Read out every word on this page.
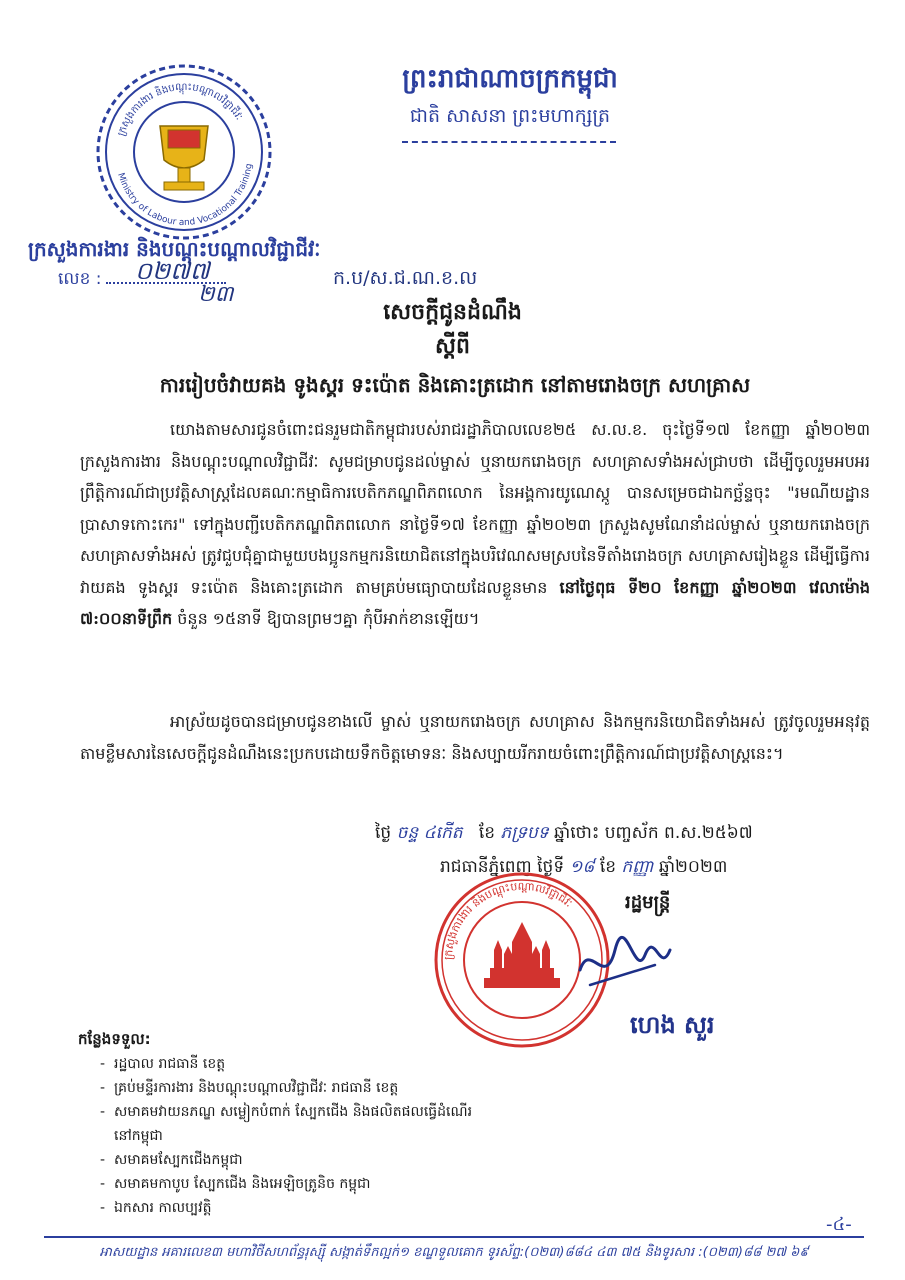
ព្រះរាជាណាចក្រកម្ពុជា
ជាតិ សាសនា ព្រះមហាក្សត្រ
ក្រសួងការងារ និងបណ្តុះបណ្តាលវិជ្ជាជីវៈ
Ministry of Labour and Vocational Training
ក្រសួងការងារ និងបណ្តុះបណ្តាលវិជ្ជាជីវៈ
លេខ :	០២៧៧
២៣
ក.ប/ស.ជ.ណ.ខ.ល
សេចក្តីជូនដំណឹង
ស្តីពី
ការរៀបចំវាយគង ទូងស្គរ ទះប៉ោត និងគោះត្រដោក នៅតាមរោងចក្រ សហគ្រាស
យោងតាមសារជូនចំពោះជនរួមជាតិកម្ពុជារបស់រាជរដ្ឋាភិបាលលេខ២៥ ស.ល.ខ. ចុះថ្ងៃទី១៧ ខែកញ្ញា ឆ្នាំ២០២៣ ក្រសួងការងារ និងបណ្តុះបណ្តាលវិជ្ជាជីវៈ សូមជម្រាបជូនដល់ម្ចាស់ ឬនាយករោងចក្រ សហគ្រាសទាំងអស់ជ្រាបថា ដើម្បីចូលរួមអបអរព្រឹត្តិការណ៍ជាប្រវត្តិសាស្ត្រដែលគណៈកម្មាធិការបេតិកភណ្ឌពិភពលោក នៃអង្គការយូណេស្កូ បានសម្រេចជាឯកច្ឆ័ន្ទចុះ "រមណីយដ្ឋានប្រាសាទកោះកេរ" ទៅក្នុងបញ្ជីបេតិកភណ្ឌពិភពលោក នាថ្ងៃទី១៧ ខែកញ្ញា ឆ្នាំ២០២៣ ក្រសួងសូមណែនាំដល់ម្ចាស់ ឬនាយករោងចក្រ សហគ្រាសទាំងអស់ ត្រូវជួបជុំគ្នាជាមួយបងប្អូនកម្មករនិយោជិតនៅក្នុងបរិវេណសមស្របនៃទីតាំងរោងចក្រ សហគ្រាសរៀងខ្លួន ដើម្បីធ្វើការវាយគង ទូងស្គរ ទះប៉ោត និងគោះត្រដោក តាមគ្រប់មធ្យោបាយដែលខ្លួនមាន នៅថ្ងៃពុធ ទី២០ ខែកញ្ញា ឆ្នាំ២០២៣ វេលាម៉ោង ៧:០០នាទីព្រឹក ចំនួន ១៥នាទី ឱ្យបានព្រមៗគ្នា កុំបីអាក់ខានឡើយ។
អាស្រ័យដូចបានជម្រាបជូនខាងលើ ម្ចាស់ ឬនាយករោងចក្រ សហគ្រាស និងកម្មករនិយោជិតទាំងអស់ ត្រូវចូលរួមអនុវត្តតាមខ្លឹមសារនៃសេចក្តីជូនដំណឹងនេះប្រកបដោយទឹកចិត្តមោទនៈ និងសប្បាយរីករាយចំពោះព្រឹត្តិការណ៍ជាប្រវត្តិសាស្ត្រនេះ។
ថ្ងៃ ចន្ទ ៤កើត ខែ ភទ្របទ ឆ្នាំថោះ បញ្ចស័ក ព.ស.២៥៦៧
រាជធានីភ្នំពេញ ថ្ងៃទី ១៨ ខែ កញ្ញា ឆ្នាំ២០២៣
រដ្ឋមន្ត្រី
ក្រសួងការងារ និងបណ្តុះបណ្តាលវិជ្ជាជីវៈ
ហេង សួរ
កន្លែងទទួល:
- រដ្ឋបាល រាជធានី ខេត្ត
- គ្រប់មន្ទីរការងារ និងបណ្តុះបណ្តាលវិជ្ជាជីវៈ រាជធានី ខេត្ត
- សមាគមវាយនភណ្ឌ សម្លៀកបំពាក់ ស្បែកជើង និងផលិតផលធ្វើដំណើរនៅកម្ពុជា
- សមាគមស្បែកជើងកម្ពុជា
- សមាគមកាបូប ស្បែកជើង និងអេឡិចត្រូនិច កម្ពុជា
- ឯកសារ កាលប្បវត្តិ
-៤-
អាសយដ្ឋាន អគារលេខ៣ មហាវិថីសហព័ន្ធរុស្ស៊ី សង្កាត់ទឹកល្អក់១ ខណ្ឌទួលគោក ទូរស័ព្ទ:(០២៣)៨៨៤ ៤៣ ៧៥ និងទូរសារ :(០២៣)៨៨ ២៧ ៦៩
